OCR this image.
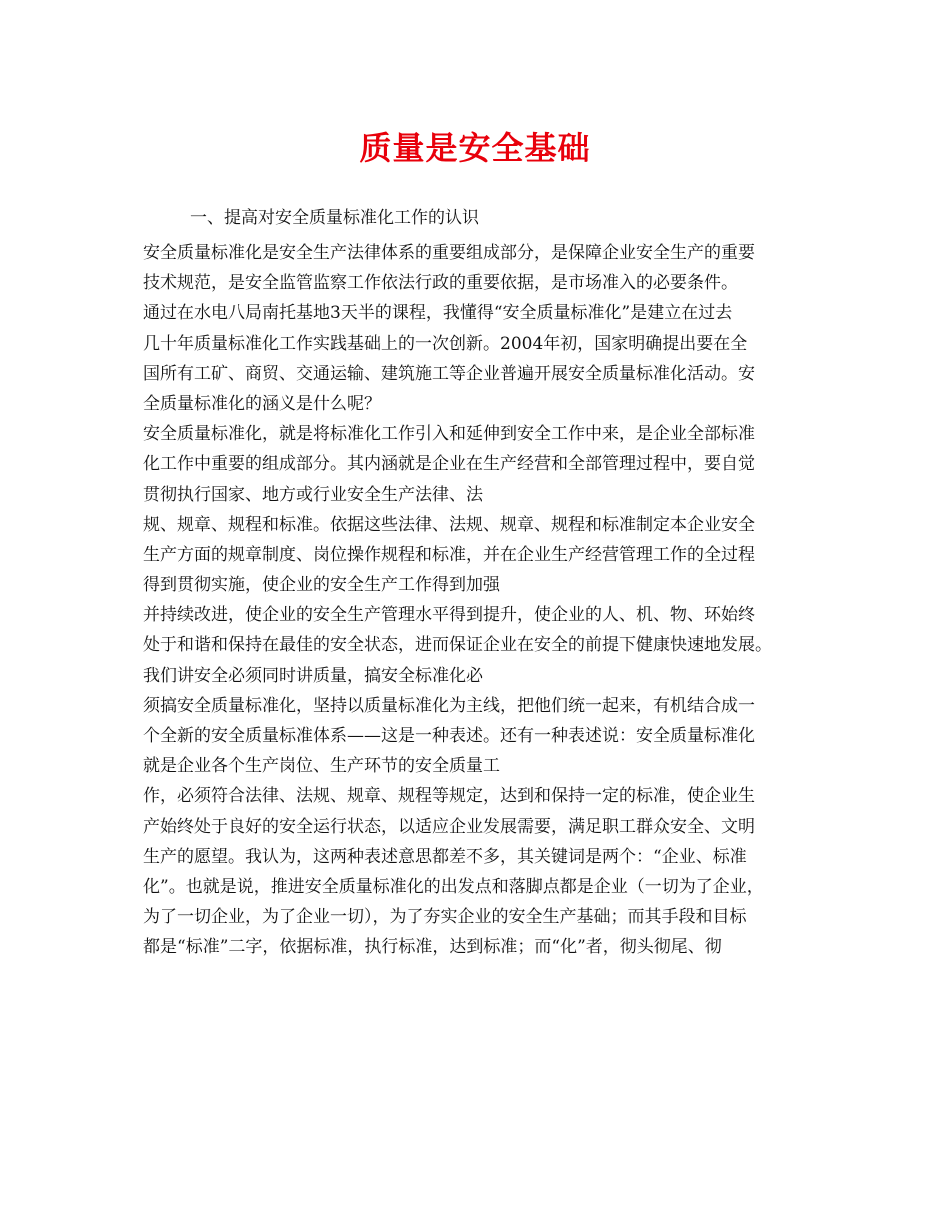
质量是安全基础

一、提高对安全质量标准化工作的认识

安全质量标准化是安全生产法律体系的重要组成部分，是保障企业安全生产的重要
技术规范，是安全监管监察工作依法行政的重要依据，是市场准入的必要条件。
通过在水电八局南托基地3天半的课程，我懂得“安全质量标准化”是建立在过去
几十年质量标准化工作实践基础上的一次创新。2004年初，国家明确提出要在全
国所有工矿、商贸、交通运输、建筑施工等企业普遍开展安全质量标准化活动。安
全质量标准化的涵义是什么呢？
安全质量标准化，就是将标准化工作引入和延伸到安全工作中来，是企业全部标准
化工作中重要的组成部分。其内涵就是企业在生产经营和全部管理过程中，要自觉
贯彻执行国家、地方或行业安全生产法律、法
规、规章、规程和标准。依据这些法律、法规、规章、规程和标准制定本企业安全
生产方面的规章制度、岗位操作规程和标准，并在企业生产经营管理工作的全过程
得到贯彻实施，使企业的安全生产工作得到加强
并持续改进，使企业的安全生产管理水平得到提升，使企业的人、机、物、环始终
处于和谐和保持在最佳的安全状态，进而保证企业在安全的前提下健康快速地发展。
我们讲安全必须同时讲质量，搞安全标准化必
须搞安全质量标准化，坚持以质量标准化为主线，把他们统一起来，有机结合成一
个全新的安全质量标准体系——这是一种表述。还有一种表述说：安全质量标准化
就是企业各个生产岗位、生产环节的安全质量工
作，必须符合法律、法规、规章、规程等规定，达到和保持一定的标准，使企业生
产始终处于良好的安全运行状态，以适应企业发展需要，满足职工群众安全、文明
生产的愿望。我认为，这两种表述意思都差不多，其关键词是两个：“企业、标准
化”。也就是说，推进安全质量标准化的出发点和落脚点都是企业（一切为了企业，
为了一切企业，为了企业一切），为了夯实企业的安全生产基础；而其手段和目标
都是“标准”二字，依据标准，执行标准，达到标准；而“化”者，彻头彻尾、彻
